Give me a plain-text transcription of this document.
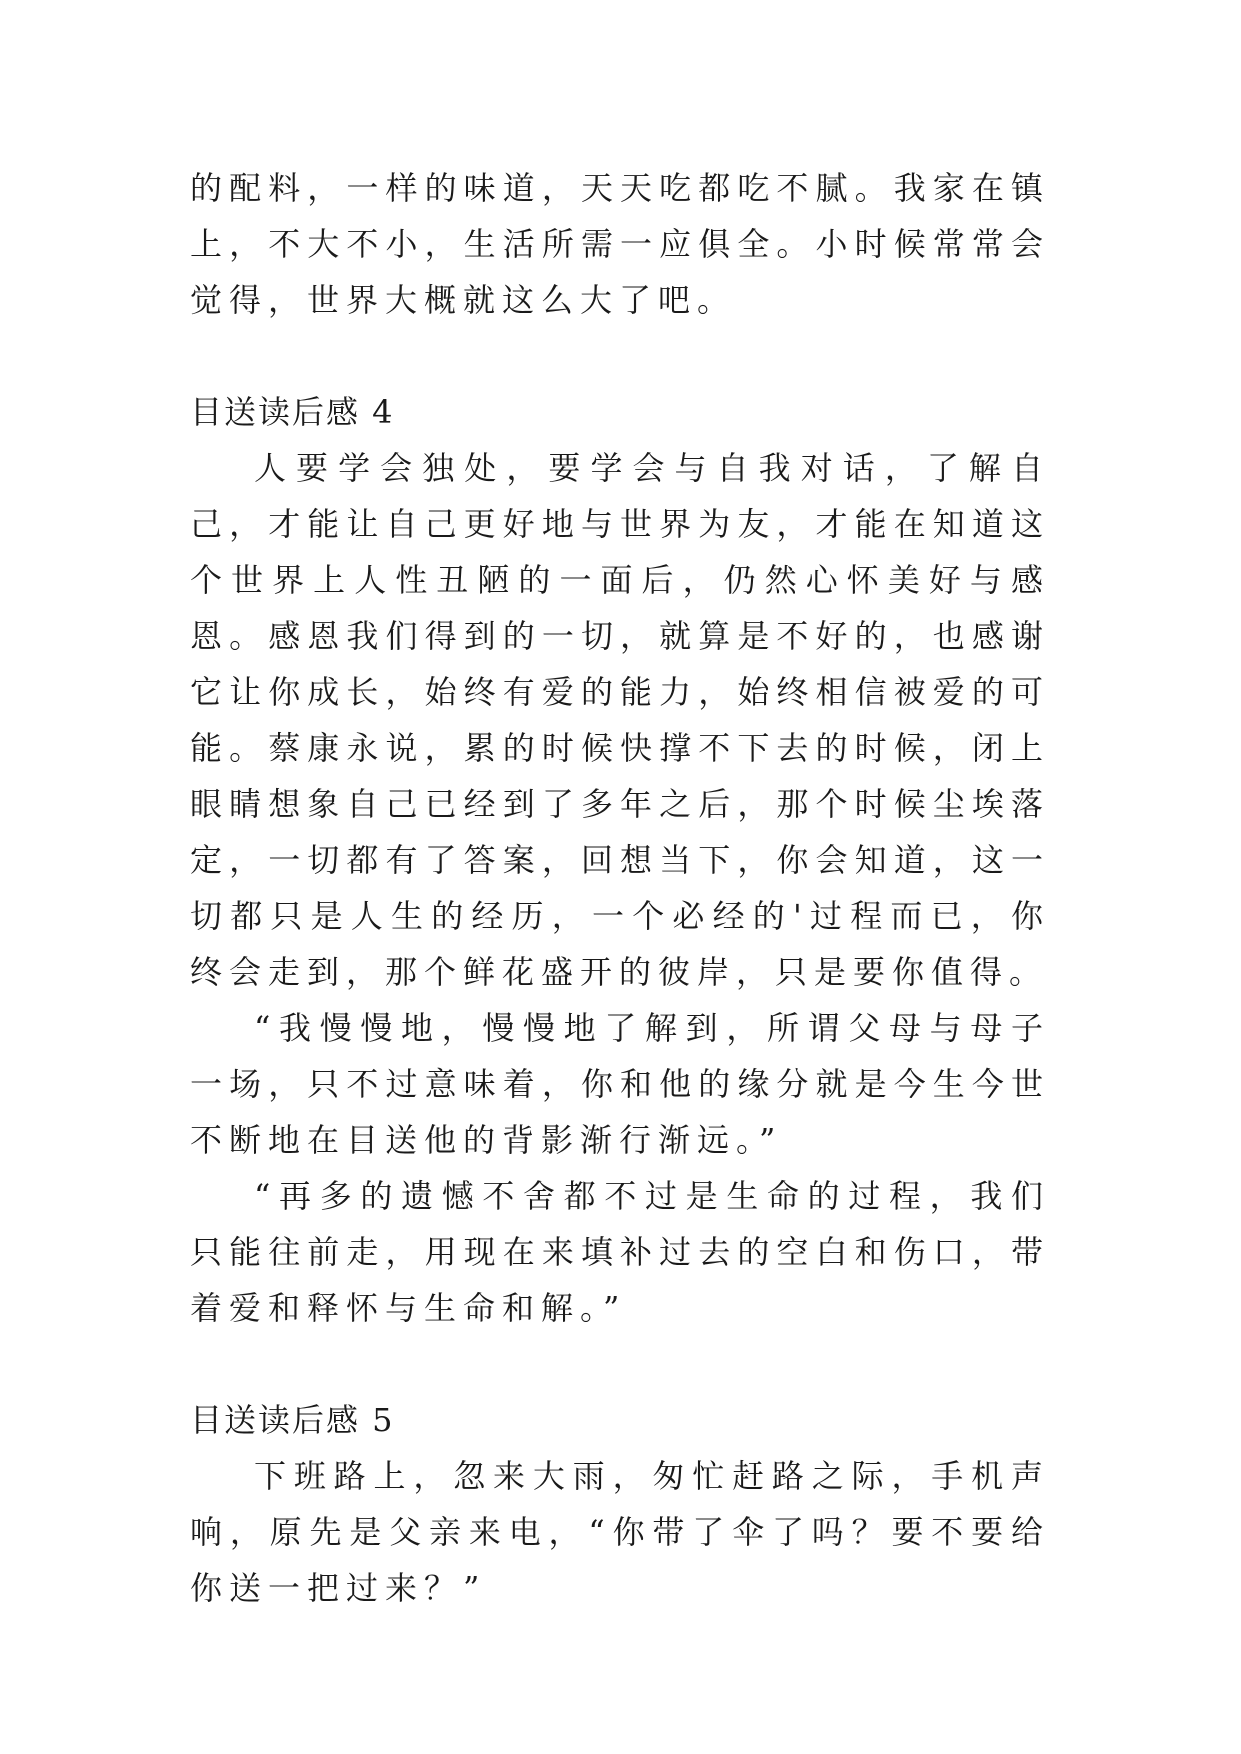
的配料，一样的味道，天天吃都吃不腻。我家在镇上，不大不小，生活所需一应俱全。小时候常常会觉得，世界大概就这么大了吧。

目送读后感 4

人要学会独处，要学会与自我对话，了解自己，才能让自己更好地与世界为友，才能在知道这个世界上人性丑陋的一面后，仍然心怀美好与感恩。感恩我们得到的一切，就算是不好的，也感谢它让你成长，始终有爱的能力，始终相信被爱的可能。蔡康永说，累的时候快撑不下去的时候，闭上眼睛想象自己已经到了多年之后，那个时候尘埃落定，一切都有了答案，回想当下，你会知道，这一切都只是人生的经历，一个必经的'过程而已，你终会走到，那个鲜花盛开的彼岸，只是要你值得。

“我慢慢地，慢慢地了解到，所谓父母与母子一场，只不过意味着，你和他的缘分就是今生今世不断地在目送他的背影渐行渐远。”

“再多的遗憾不舍都不过是生命的过程，我们只能往前走，用现在来填补过去的空白和伤口，带着爱和释怀与生命和解。”

目送读后感 5

下班路上，忽来大雨，匆忙赶路之际，手机声响，原先是父亲来电，“你带了伞了吗？要不要给你送一把过来？”
